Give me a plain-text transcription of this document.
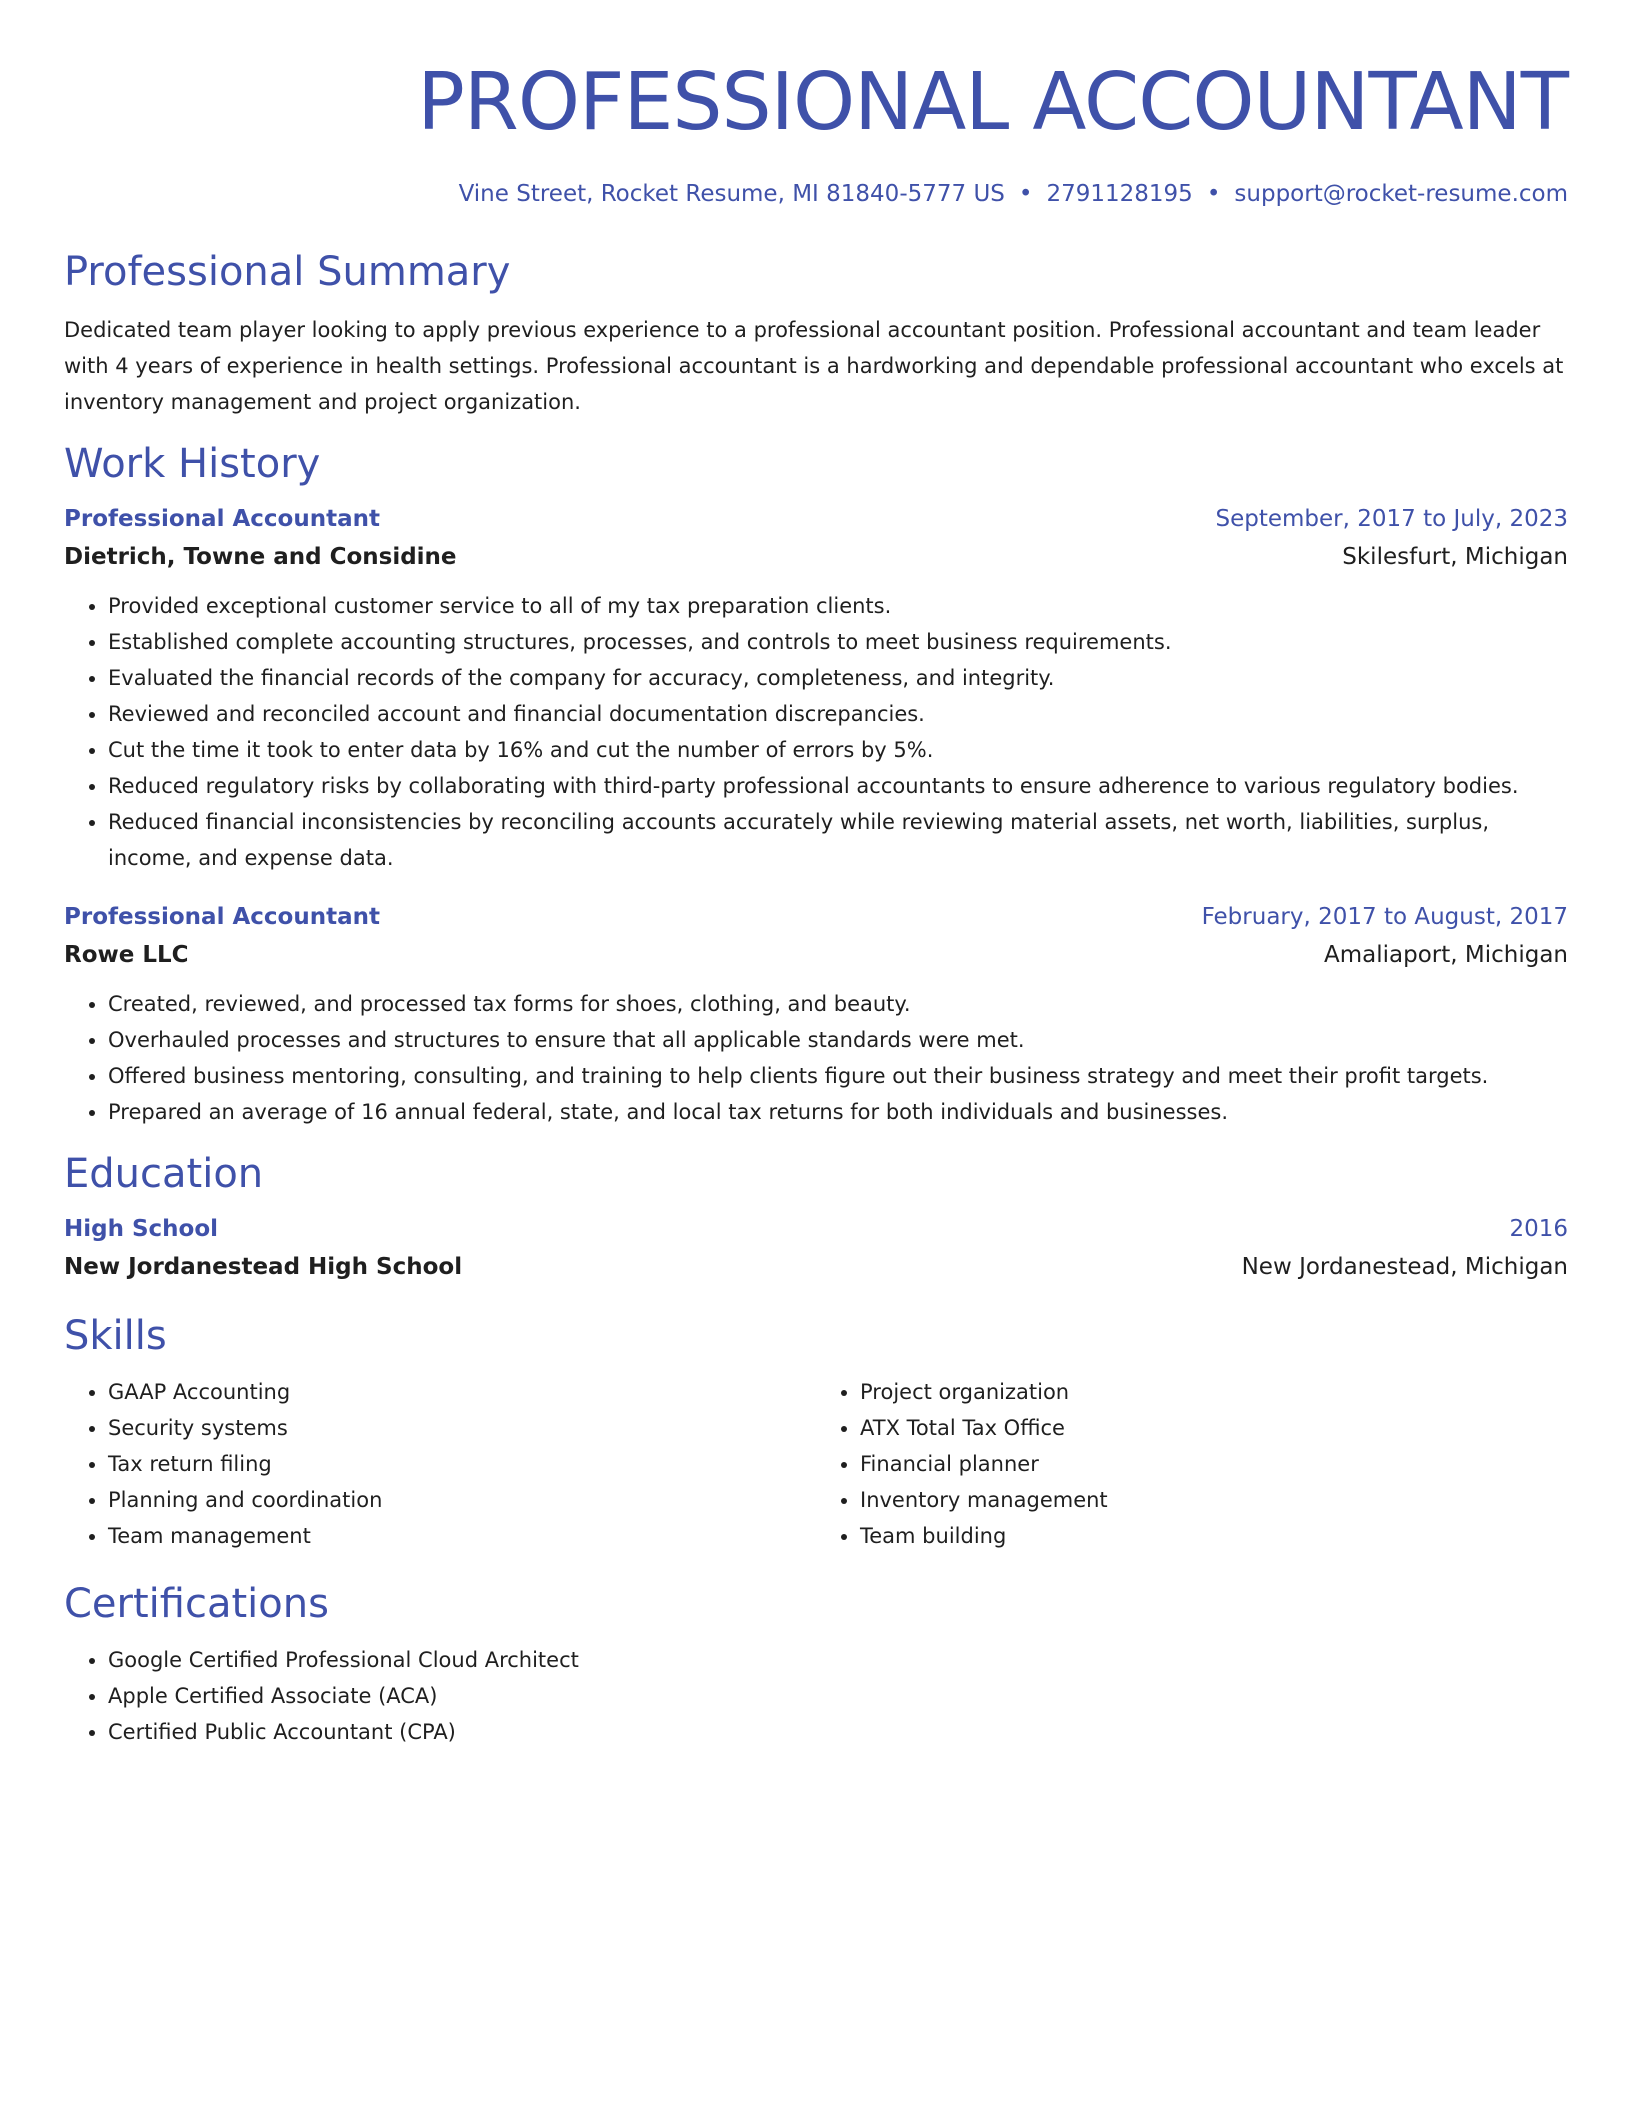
PROFESSIONAL ACCOUNTANT
Vine Street, Rocket Resume, MI 81840-5777 US • 2791128195 • support@rocket-resume.com
Professional Summary

Dedicated team player looking to apply previous experience to a professional accountant position. Professional accountant and team leader with 4 years of experience in health settings. Professional accountant is a hardworking and dependable professional accountant who excels at inventory management and project organization.

Work History
Professional Accountant	September, 2017 to July, 2023
Dietrich, Towne and Considine	Skilesfurt, Michigan
• Provided exceptional customer service to all of my tax preparation clients.
• Established complete accounting structures, processes, and controls to meet business requirements.
• Evaluated the financial records of the company for accuracy, completeness, and integrity.
• Reviewed and reconciled account and financial documentation discrepancies.
• Cut the time it took to enter data by 16% and cut the number of errors by 5%.
• Reduced regulatory risks by collaborating with third-party professional accountants to ensure adherence to various regulatory bodies.
• Reduced financial inconsistencies by reconciling accounts accurately while reviewing material assets, net worth, liabilities, surplus, income, and expense data.
Professional Accountant	February, 2017 to August, 2017
Rowe LLC	Amaliaport, Michigan
• Created, reviewed, and processed tax forms for shoes, clothing, and beauty.
• Overhauled processes and structures to ensure that all applicable standards were met.
• Offered business mentoring, consulting, and training to help clients figure out their business strategy and meet their profit targets.
• Prepared an average of 16 annual federal, state, and local tax returns for both individuals and businesses.
Education
High School	2016
New Jordanestead High School	New Jordanestead, Michigan
Skills
• GAAP Accounting
• Security systems
• Tax return filing
• Planning and coordination
• Team management
• Project organization
• ATX Total Tax Office
• Financial planner
• Inventory management
• Team building
Certifications
• Google Certified Professional Cloud Architect
• Apple Certified Associate (ACA)
• Certified Public Accountant (CPA)
